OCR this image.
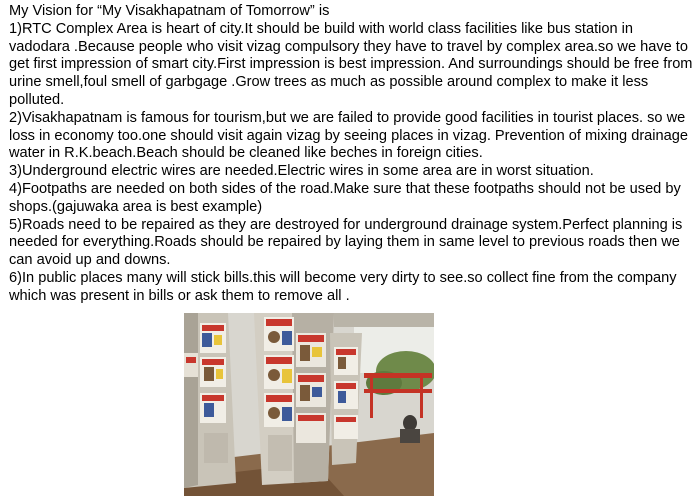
My Vision for “My Visakhapatnam of Tomorrow” is

1)RTC Complex Area is heart of city.It should be build with world class facilities like bus station in vadodara .Because people who visit vizag compulsory they have to travel by complex area.so we have to get first impression of smart city.First impression is best impression. And surroundings should be free from urine smell,foul smell of garbgage .Grow trees as much as possible around complex to make it less polluted.

2)Visakhapatnam is famous for tourism,but we are failed to provide good facilities in tourist places. so we loss in economy too.one should visit again vizag by seeing places in vizag. Prevention of mixing drainage water in R.K.beach.Beach should be cleaned like beches in foreign cities.

3)Underground electric wires are needed.Electric wires in some area are in worst situation.

4)Footpaths are needed on both sides of the road.Make sure that these footpaths should not be used by shops.(gajuwaka area is best example)

5)Roads need to be repaired as they are destroyed for underground drainage system.Perfect planning is needed for everything.Roads should be repaired by laying them in same level to previous roads then we can avoid up and downs.

6)In public places many will stick bills.this will become very dirty to see.so collect fine from the company which was present in bills or ask them to remove all .
